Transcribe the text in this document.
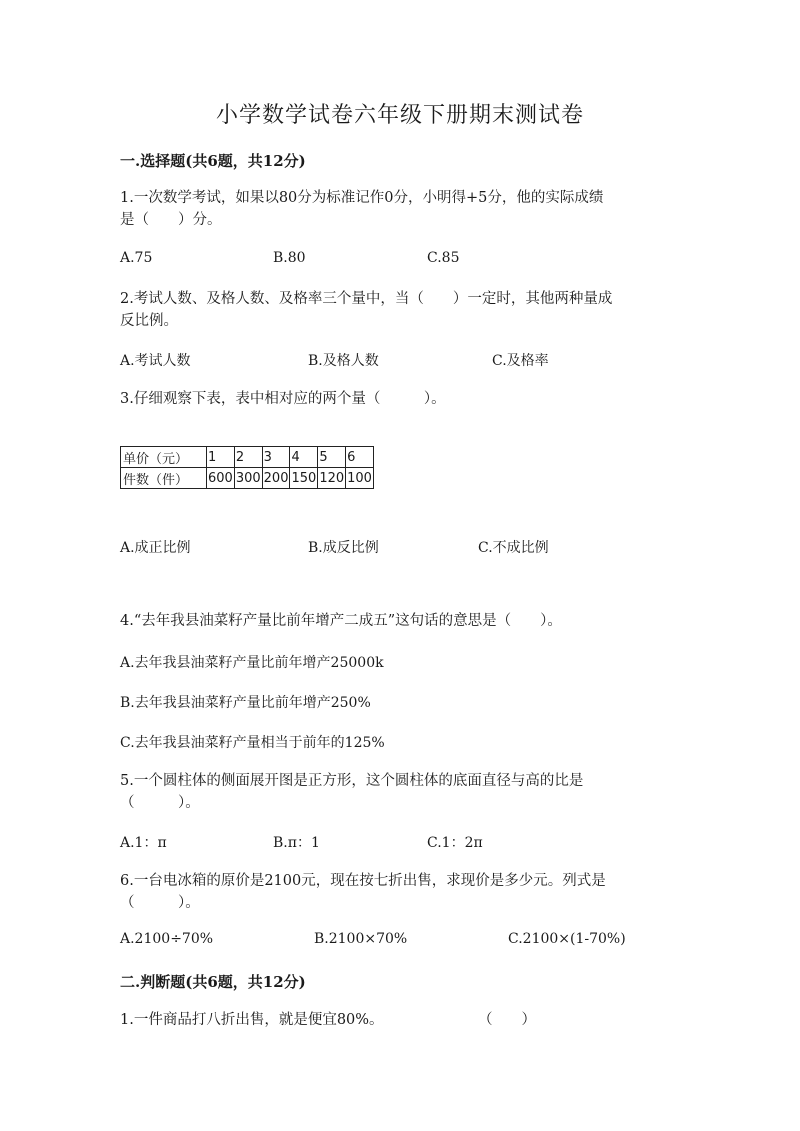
小学数学试卷六年级下册期末测试卷
一.选择题(共6题，共12分)
1.一次数学考试，如果以80分为标准记作0分，小明得+5分，他的实际成绩
是（　　）分。
A.75	B.80	C.85
2.考试人数、及格人数、及格率三个量中，当（　　）一定时，其他两种量成
反比例。
A.考试人数	B.及格人数	C.及格率
3.仔细观察下表，表中相对应的两个量（　　　）。
单价（元）	1	2	3	4	5	6
件数（件）	600	300	200	150	120	100
A.成正比例	B.成反比例	C.不成比例
4.“去年我县油菜籽产量比前年增产二成五”这句话的意思是（　　）。
A.去年我县油菜籽产量比前年增产25000k
B.去年我县油菜籽产量比前年增产250%
C.去年我县油菜籽产量相当于前年的125%
5.一个圆柱体的侧面展开图是正方形，这个圆柱体的底面直径与高的比是
（　　　）。
A.1：π	B.π：1	C.1：2π
6.一台电冰箱的原价是2100元，现在按七折出售，求现价是多少元。列式是
（　　　）。
A.2100÷70%	B.2100×70%	C.2100×(1-70%)
二.判断题(共6题，共12分)
1.一件商品打八折出售，就是便宜80%。	（　　）
